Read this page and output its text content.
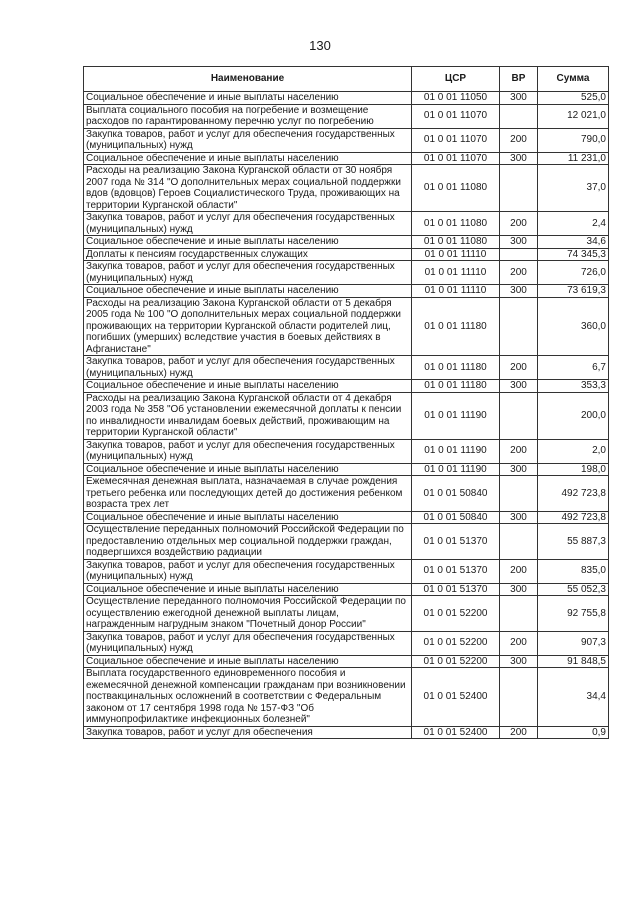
130
Наименование	ЦСР	ВР	Сумма
Социальное обеспечение и иные выплаты населению	01 0 01 11050	300	525,0
Выплата социального пособия на погребение и возмещение расходов по гарантированному перечню услуг по погребению	01 0 01 11070		12 021,0
Закупка товаров, работ и услуг для обеспечения государственных (муниципальных) нужд	01 0 01 11070	200	790,0
Социальное обеспечение и иные выплаты населению	01 0 01 11070	300	11 231,0
Расходы на реализацию Закона Курганской области от 30 ноября 2007 года № 314 "О дополнительных мерах социальной поддержки вдов (вдовцов) Героев Социалистического Труда, проживающих на территории Курганской области"	01 0 01 11080		37,0
Закупка товаров, работ и услуг для обеспечения государственных (муниципальных) нужд	01 0 01 11080	200	2,4
Социальное обеспечение и иные выплаты населению	01 0 01 11080	300	34,6
Доплаты к пенсиям государственных служащих	01 0 01 11110		74 345,3
Закупка товаров, работ и услуг для обеспечения государственных (муниципальных) нужд	01 0 01 11110	200	726,0
Социальное обеспечение и иные выплаты населению	01 0 01 11110	300	73 619,3
Расходы на реализацию Закона Курганской области от 5 декабря 2005 года № 100 "О дополнительных мерах социальной поддержки проживающих на территории Курганской области родителей лиц, погибших (умерших) вследствие участия в боевых действиях в Афганистане"	01 0 01 11180		360,0
Закупка товаров, работ и услуг для обеспечения государственных (муниципальных) нужд	01 0 01 11180	200	6,7
Социальное обеспечение и иные выплаты населению	01 0 01 11180	300	353,3
Расходы на реализацию Закона Курганской области от 4 декабря 2003 года № 358 "Об установлении ежемесячной доплаты к пенсии по инвалидности инвалидам боевых действий, проживающим на территории Курганской области"	01 0 01 11190		200,0
Закупка товаров, работ и услуг для обеспечения государственных (муниципальных) нужд	01 0 01 11190	200	2,0
Социальное обеспечение и иные выплаты населению	01 0 01 11190	300	198,0
Ежемесячная денежная выплата, назначаемая в случае рождения третьего ребенка или последующих детей до достижения ребенком возраста трех лет	01 0 01 50840		492 723,8
Социальное обеспечение и иные выплаты населению	01 0 01 50840	300	492 723,8
Осуществление переданных полномочий Российской Федерации по предоставлению отдельных мер социальной поддержки граждан, подвергшихся воздействию радиации	01 0 01 51370		55 887,3
Закупка товаров, работ и услуг для обеспечения государственных (муниципальных) нужд	01 0 01 51370	200	835,0
Социальное обеспечение и иные выплаты населению	01 0 01 51370	300	55 052,3
Осуществление переданного полномочия Российской Федерации по осуществлению ежегодной денежной выплаты лицам, награжденным нагрудным знаком "Почетный донор России"	01 0 01 52200		92 755,8
Закупка товаров, работ и услуг для обеспечения государственных (муниципальных) нужд	01 0 01 52200	200	907,3
Социальное обеспечение и иные выплаты населению	01 0 01 52200	300	91 848,5
Выплата государственного единовременного пособия и ежемесячной денежной компенсации гражданам при возникновении поствакцинальных осложнений в соответствии с Федеральным законом от 17 сентября 1998 года № 157-ФЗ "Об иммунопрофилактике инфекционных болезней"	01 0 01 52400		34,4
Закупка товаров, работ и услуг для обеспечения	01 0 01 52400	200	0,9
